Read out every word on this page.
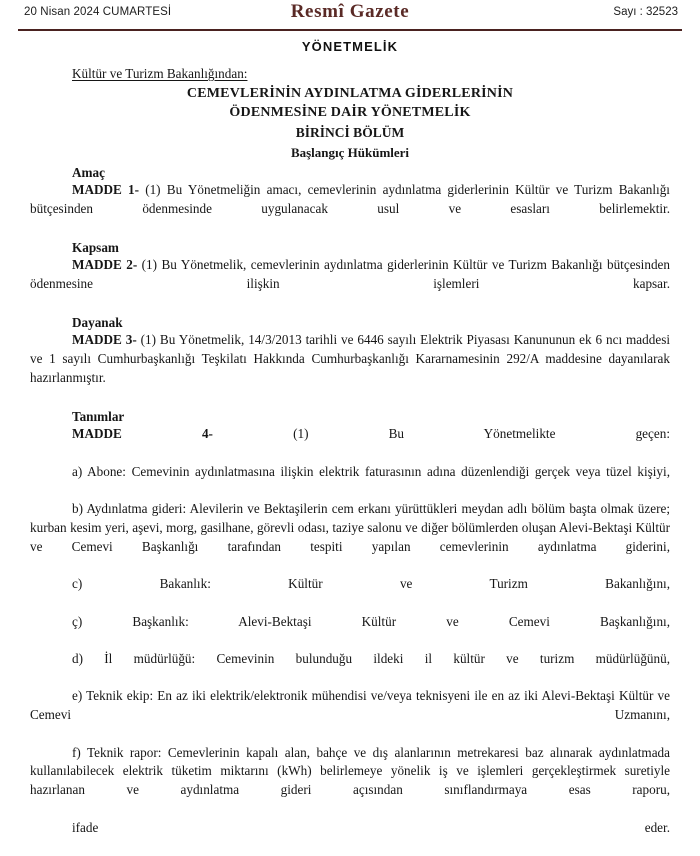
20 Nisan 2024 CUMARTESİ	Resmî Gazete	Sayı : 32523
YÖNETMELİK
Kültür ve Turizm Bakanlığından:
CEMEVLERİNİN AYDINLATMA GİDERLERİNİN
ÖDENMESİNE DAİR YÖNETMELİK
BİRİNCİ BÖLÜM
Başlangıç Hükümleri
Amaç

MADDE 1- (1) Bu Yönetmeliğin amacı, cemevlerinin aydınlatma giderlerinin Kültür ve Turizm Bakanlığı bütçesinden ödenmesinde uygulanacak usul ve esasları belirlemektir.

Kapsam

MADDE 2- (1) Bu Yönetmelik, cemevlerinin aydınlatma giderlerinin Kültür ve Turizm Bakanlığı bütçesinden ödenmesine ilişkin işlemleri kapsar.

Dayanak

MADDE 3- (1) Bu Yönetmelik, 14/3/2013 tarihli ve 6446 sayılı Elektrik Piyasası Kanununun ek 6 ncı maddesi ve 1 sayılı Cumhurbaşkanlığı Teşkilatı Hakkında Cumhurbaşkanlığı Kararnamesinin 292/A maddesine dayanılarak hazırlanmıştır.

Tanımlar

MADDE 4- (1) Bu Yönetmelikte geçen:

a) Abone: Cemevinin aydınlatmasına ilişkin elektrik faturasının adına düzenlendiği gerçek veya tüzel kişiyi,

b) Aydınlatma gideri: Alevilerin ve Bektaşilerin cem erkanı yürüttükleri meydan adlı bölüm başta olmak üzere; kurban kesim yeri, aşevi, morg, gasilhane, görevli odası, taziye salonu ve diğer bölümlerden oluşan Alevi-Bektaşi Kültür ve Cemevi Başkanlığı tarafından tespiti yapılan cemevlerinin aydınlatma giderini,

c) Bakanlık: Kültür ve Turizm Bakanlığını,

ç) Başkanlık: Alevi-Bektaşi Kültür ve Cemevi Başkanlığını,

d) İl müdürlüğü: Cemevinin bulunduğu ildeki il kültür ve turizm müdürlüğünü,

e) Teknik ekip: En az iki elektrik/elektronik mühendisi ve/veya teknisyeni ile en az iki Alevi-Bektaşi Kültür ve Cemevi Uzmanını,

f) Teknik rapor: Cemevlerinin kapalı alan, bahçe ve dış alanlarının metrekaresi baz alınarak aydınlatmada kullanılabilecek elektrik tüketim miktarını (kWh) belirlemeye yönelik iş ve işlemleri gerçekleştirmek suretiyle hazırlanan ve aydınlatma gideri açısından sınıflandırmaya esas raporu,

ifade eder.
